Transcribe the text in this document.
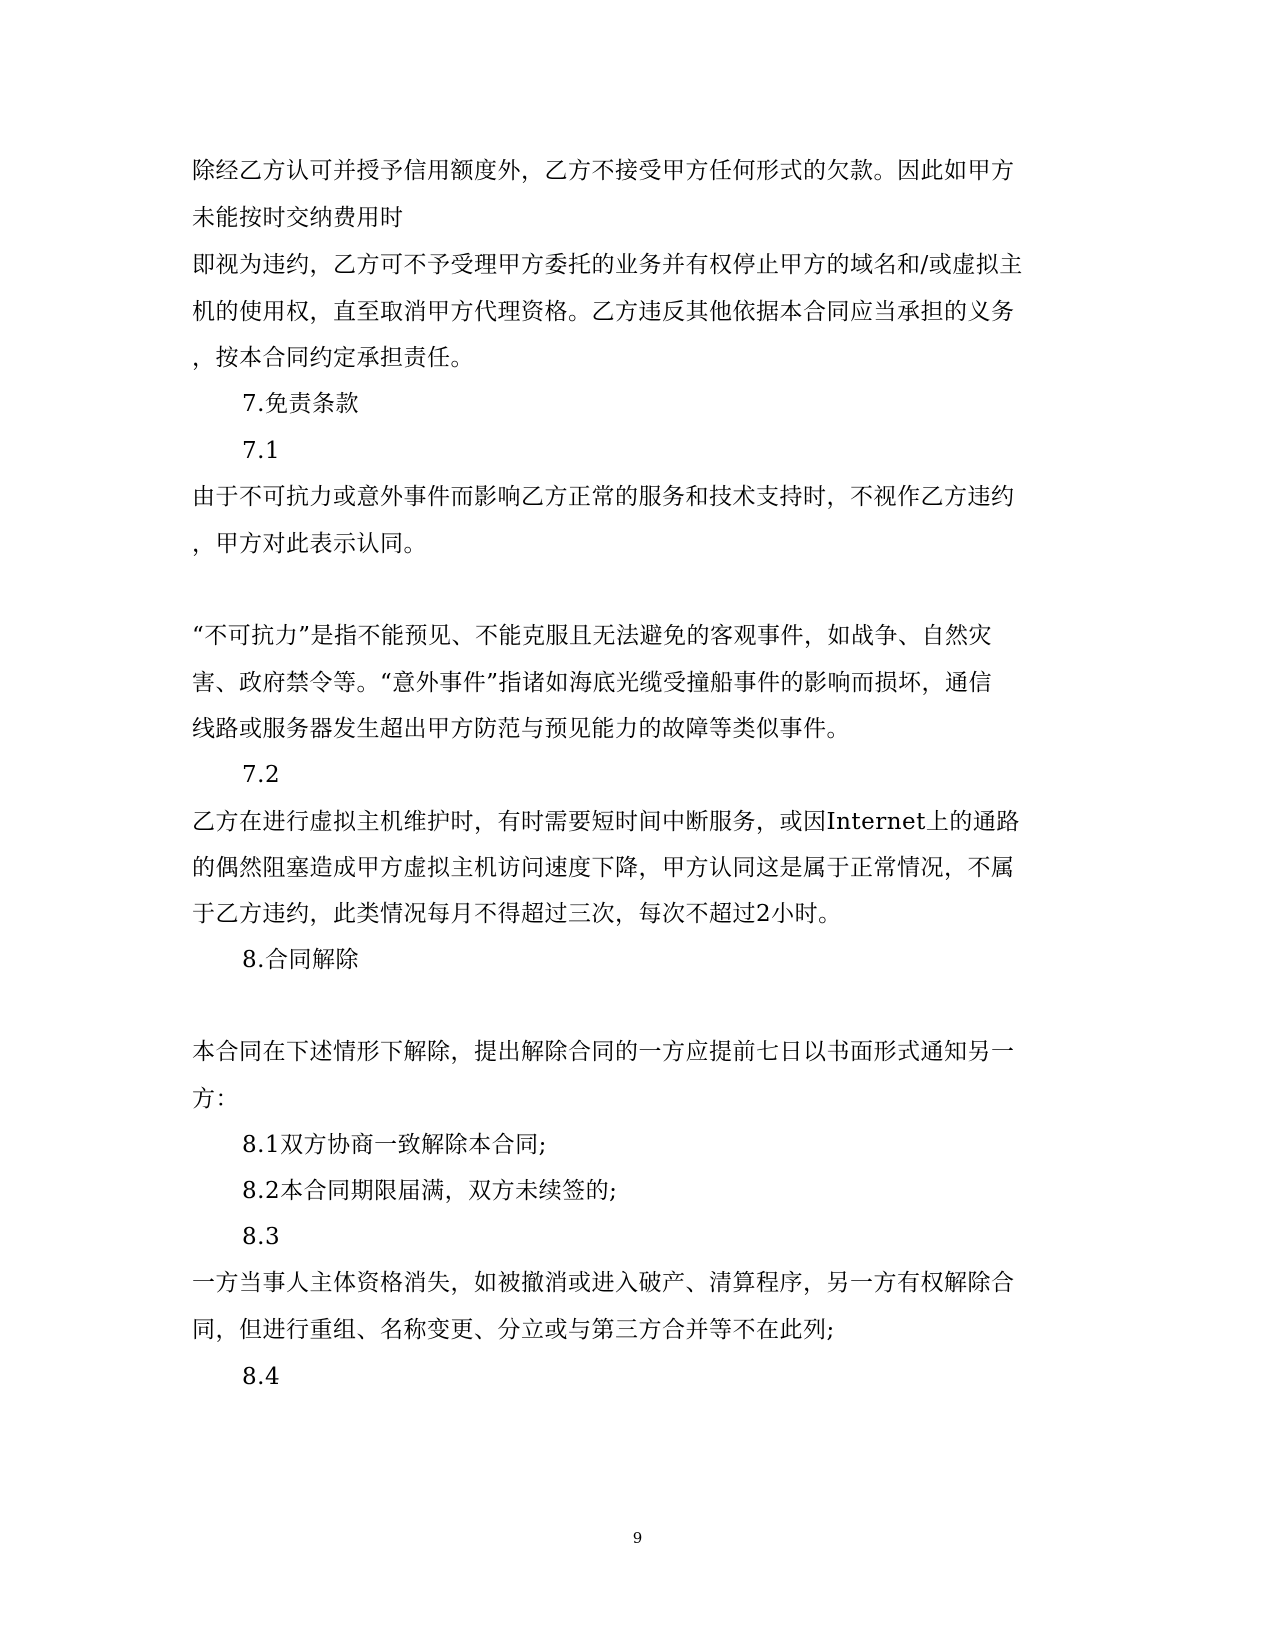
除经乙方认可并授予信用额度外，乙方不接受甲方任何形式的欠款。因此如甲方
未能按时交纳费用时
即视为违约，乙方可不予受理甲方委托的业务并有权停止甲方的域名和/或虚拟主
机的使用权，直至取消甲方代理资格。乙方违反其他依据本合同应当承担的义务
，按本合同约定承担责任。
7.免责条款
7.1
由于不可抗力或意外事件而影响乙方正常的服务和技术支持时，不视作乙方违约
，甲方对此表示认同。
“不可抗力”是指不能预见、不能克服且无法避免的客观事件，如战争、自然灾
害、政府禁令等。“意外事件”指诸如海底光缆受撞船事件的影响而损坏，通信
线路或服务器发生超出甲方防范与预见能力的故障等类似事件。
7.2
乙方在进行虚拟主机维护时，有时需要短时间中断服务，或因Internet上的通路
的偶然阻塞造成甲方虚拟主机访问速度下降，甲方认同这是属于正常情况，不属
于乙方违约，此类情况每月不得超过三次，每次不超过2小时。
8.合同解除
本合同在下述情形下解除，提出解除合同的一方应提前七日以书面形式通知另一
方：
8.1双方协商一致解除本合同;
8.2本合同期限届满，双方未续签的;
8.3
一方当事人主体资格消失，如被撤消或进入破产、清算程序，另一方有权解除合
同，但进行重组、名称变更、分立或与第三方合并等不在此列;
8.4
9
